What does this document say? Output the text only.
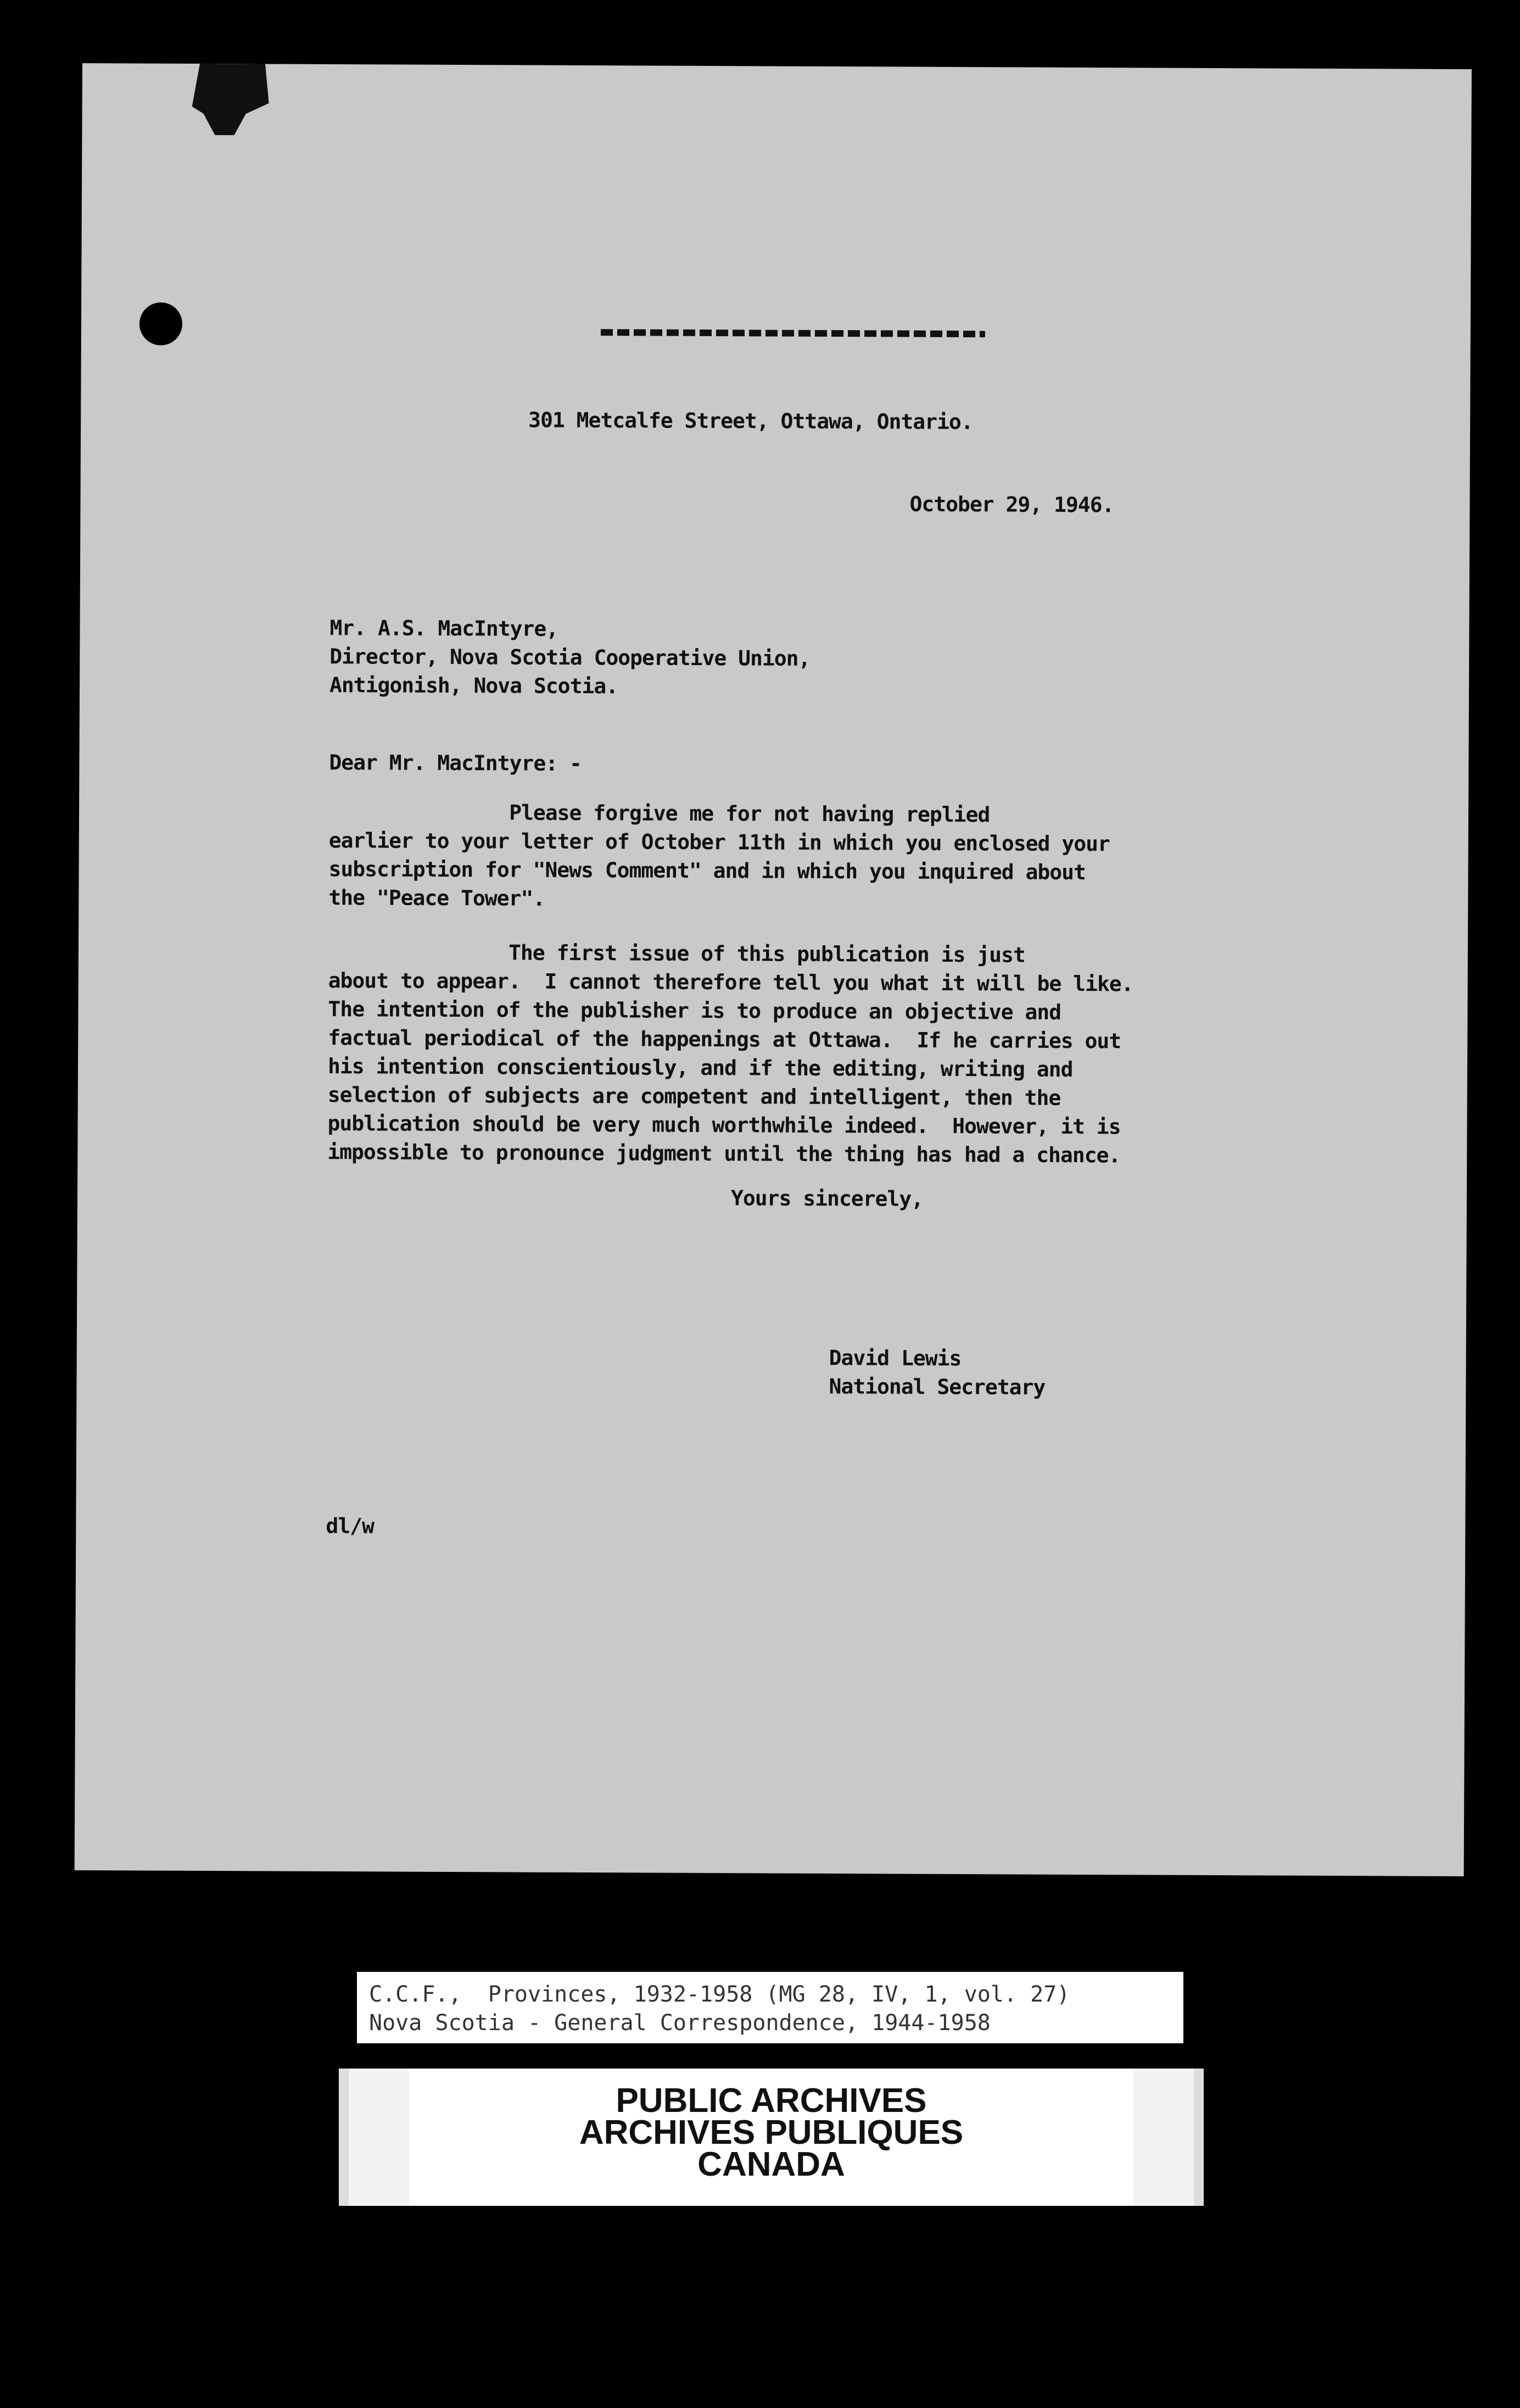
301 Metcalfe Street, Ottawa, Ontario.
October 29, 1946.
Mr. A.S. MacIntyre,
Director, Nova Scotia Cooperative Union,
Antigonish, Nova Scotia.
Dear Mr. MacIntyre: -
Please forgive me for not having replied
earlier to your letter of October 11th in which you enclosed your
subscription for "News Comment" and in which you inquired about
the "Peace Tower".
The first issue of this publication is just
about to appear.  I cannot therefore tell you what it will be like.
The intention of the publisher is to produce an objective and
factual periodical of the happenings at Ottawa.  If he carries out
his intention conscientiously, and if the editing, writing and
selection of subjects are competent and intelligent, then the
publication should be very much worthwhile indeed.  However, it is
impossible to pronounce judgment until the thing has had a chance.
Yours sincerely,
David Lewis
National Secretary
dl/w
C.C.F.,  Provinces, 1932-1958 (MG 28, IV, 1, vol. 27)
Nova Scotia - General Correspondence, 1944-1958
PUBLIC ARCHIVES
ARCHIVES PUBLIQUES
CANADA
